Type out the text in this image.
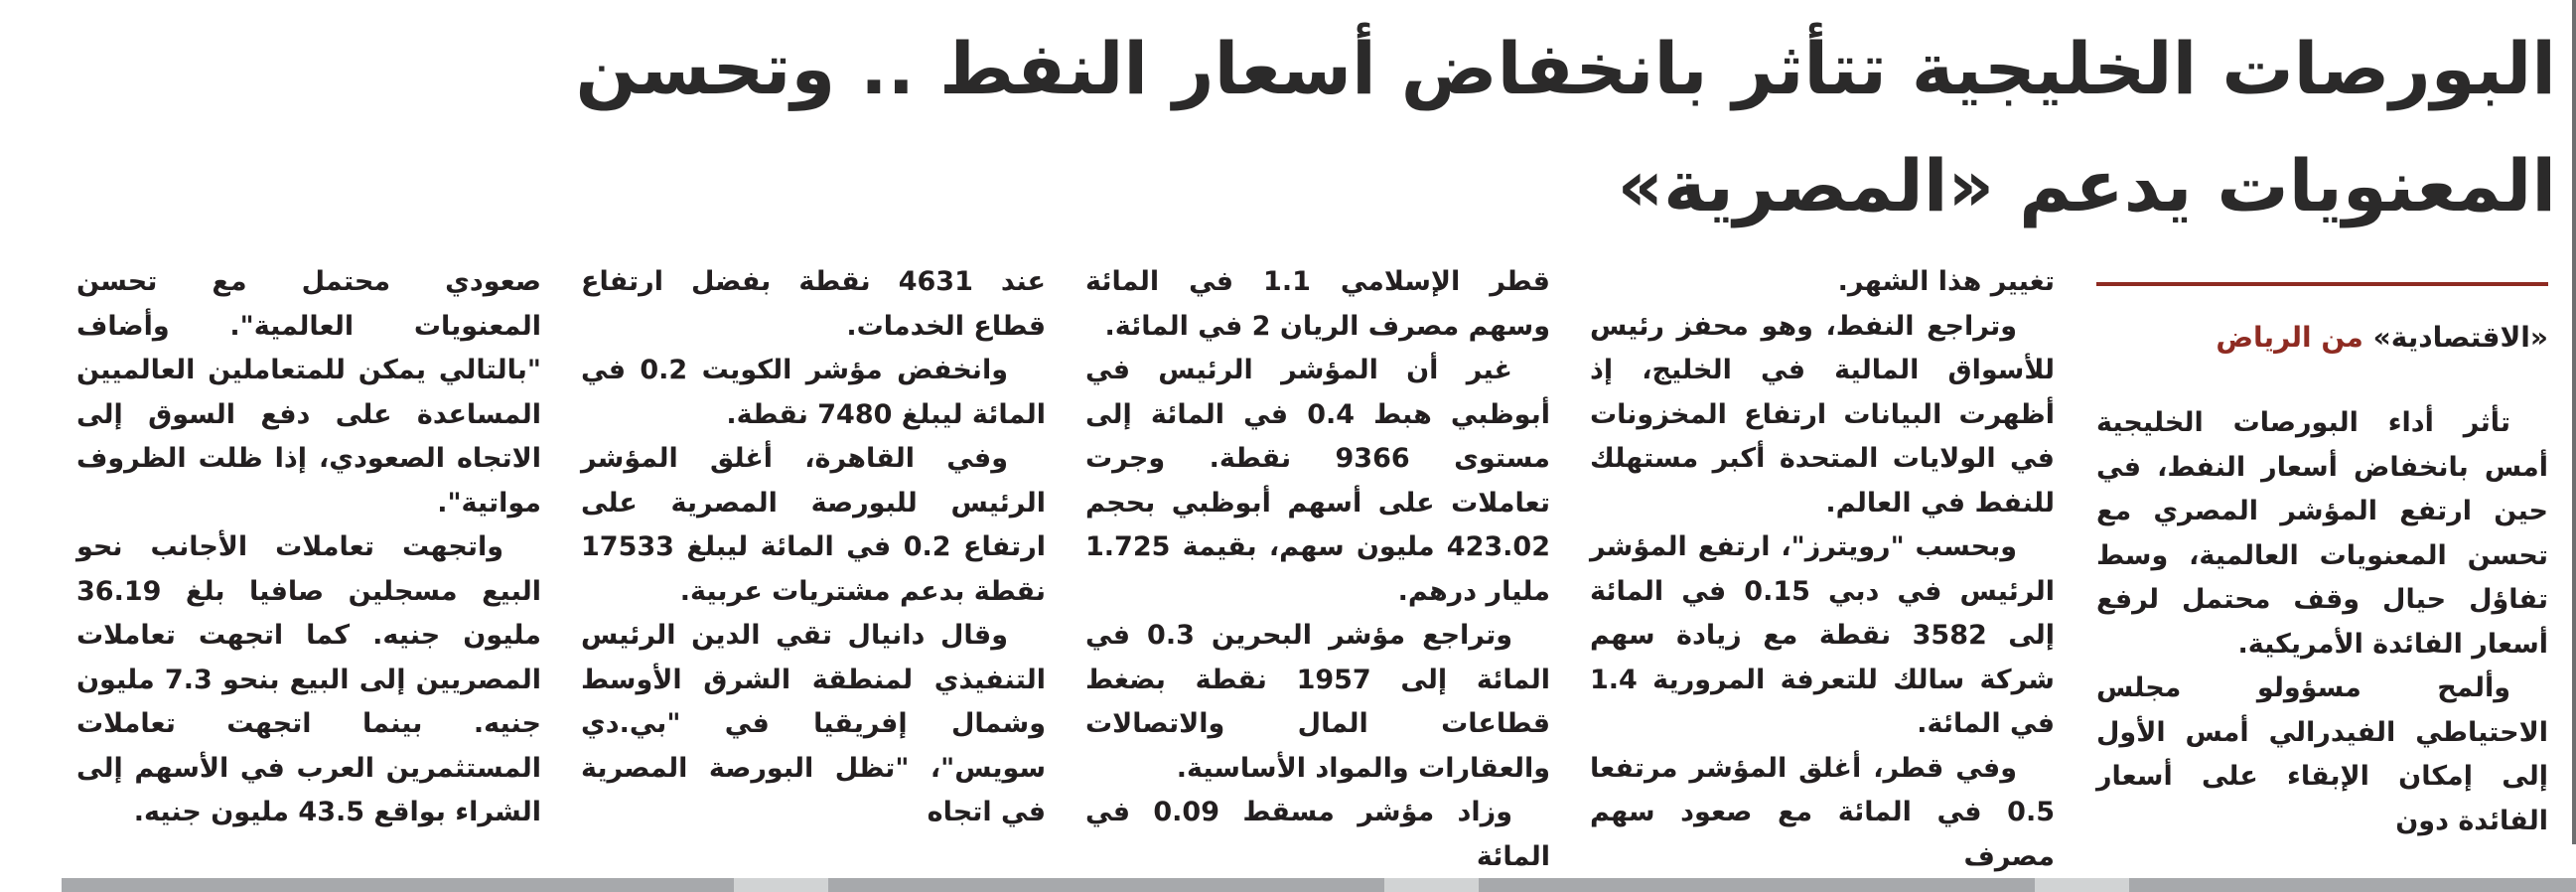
البورصات الخليجية تتأثر بانخفاض أسعار النفط .. وتحسن المعنويات يدعم «المصرية»
«الاقتصادية» من الرياض

تأثر أداء البورصات الخليجية أمس بانخفاض أسعار النفط، في حين ارتفع المؤشر المصري مع تحسن المعنويات العالمية، وسط تفاؤل حيال وقف محتمل لرفع أسعار الفائدة الأمريكية.

وألمح مسؤولو مجلس الاحتياطي الفيدرالي أمس الأول إلى إمكان الإبقاء على أسعار الفائدة دون

تغيير هذا الشهر.

وتراجع النفط، وهو محفز رئيس للأسواق المالية في الخليج، إذ أظهرت البيانات ارتفاع المخزونات في الولايات المتحدة أكبر مستهلك للنفط في العالم.

وبحسب "رويترز"، ارتفع المؤشر الرئيس في دبي 0.15 في المائة إلى 3582 نقطة مع زيادة سهم شركة سالك للتعرفة المرورية 1.4 في المائة.

وفي قطر، أغلق المؤشر مرتفعا 0.5 في المائة مع صعود سهم مصرف

قطر الإسلامي 1.1 في المائة وسهم مصرف الريان 2 في المائة.

غير أن المؤشر الرئيس في أبوظبي هبط 0.4 في المائة إلى مستوى 9366 نقطة. وجرت تعاملات على أسهم أبوظبي بحجم 423.02 مليون سهم، بقيمة 1.725 مليار درهم.

وتراجع مؤشر البحرين 0.3 في المائة إلى 1957 نقطة بضغط قطاعات المال والاتصالات والعقارات والمواد الأساسية.

وزاد مؤشر مسقط 0.09 في المائة

عند 4631 نقطة بفضل ارتفاع قطاع الخدمات.

وانخفض مؤشر الكويت 0.2 في المائة ليبلغ 7480 نقطة.

وفي القاهرة، أغلق المؤشر الرئيس للبورصة المصرية على ارتفاع 0.2 في المائة ليبلغ 17533 نقطة بدعم مشتريات عربية.

وقال دانيال تقي الدين الرئيس التنفيذي لمنطقة الشرق الأوسط وشمال إفريقيا في "بي.دي سويس"، "تظل البورصة المصرية في اتجاه

صعودي محتمل مع تحسن المعنويات العالمية". وأضاف "بالتالي يمكن للمتعاملين العالميين المساعدة على دفع السوق إلى الاتجاه الصعودي، إذا ظلت الظروف مواتية".

واتجهت تعاملات الأجانب نحو البيع مسجلين صافيا بلغ 36.19 مليون جنيه. كما اتجهت تعاملات المصريين إلى البيع بنحو 7.3 مليون جنيه. بينما اتجهت تعاملات المستثمرين العرب في الأسهم إلى الشراء بواقع 43.5 مليون جنيه.
